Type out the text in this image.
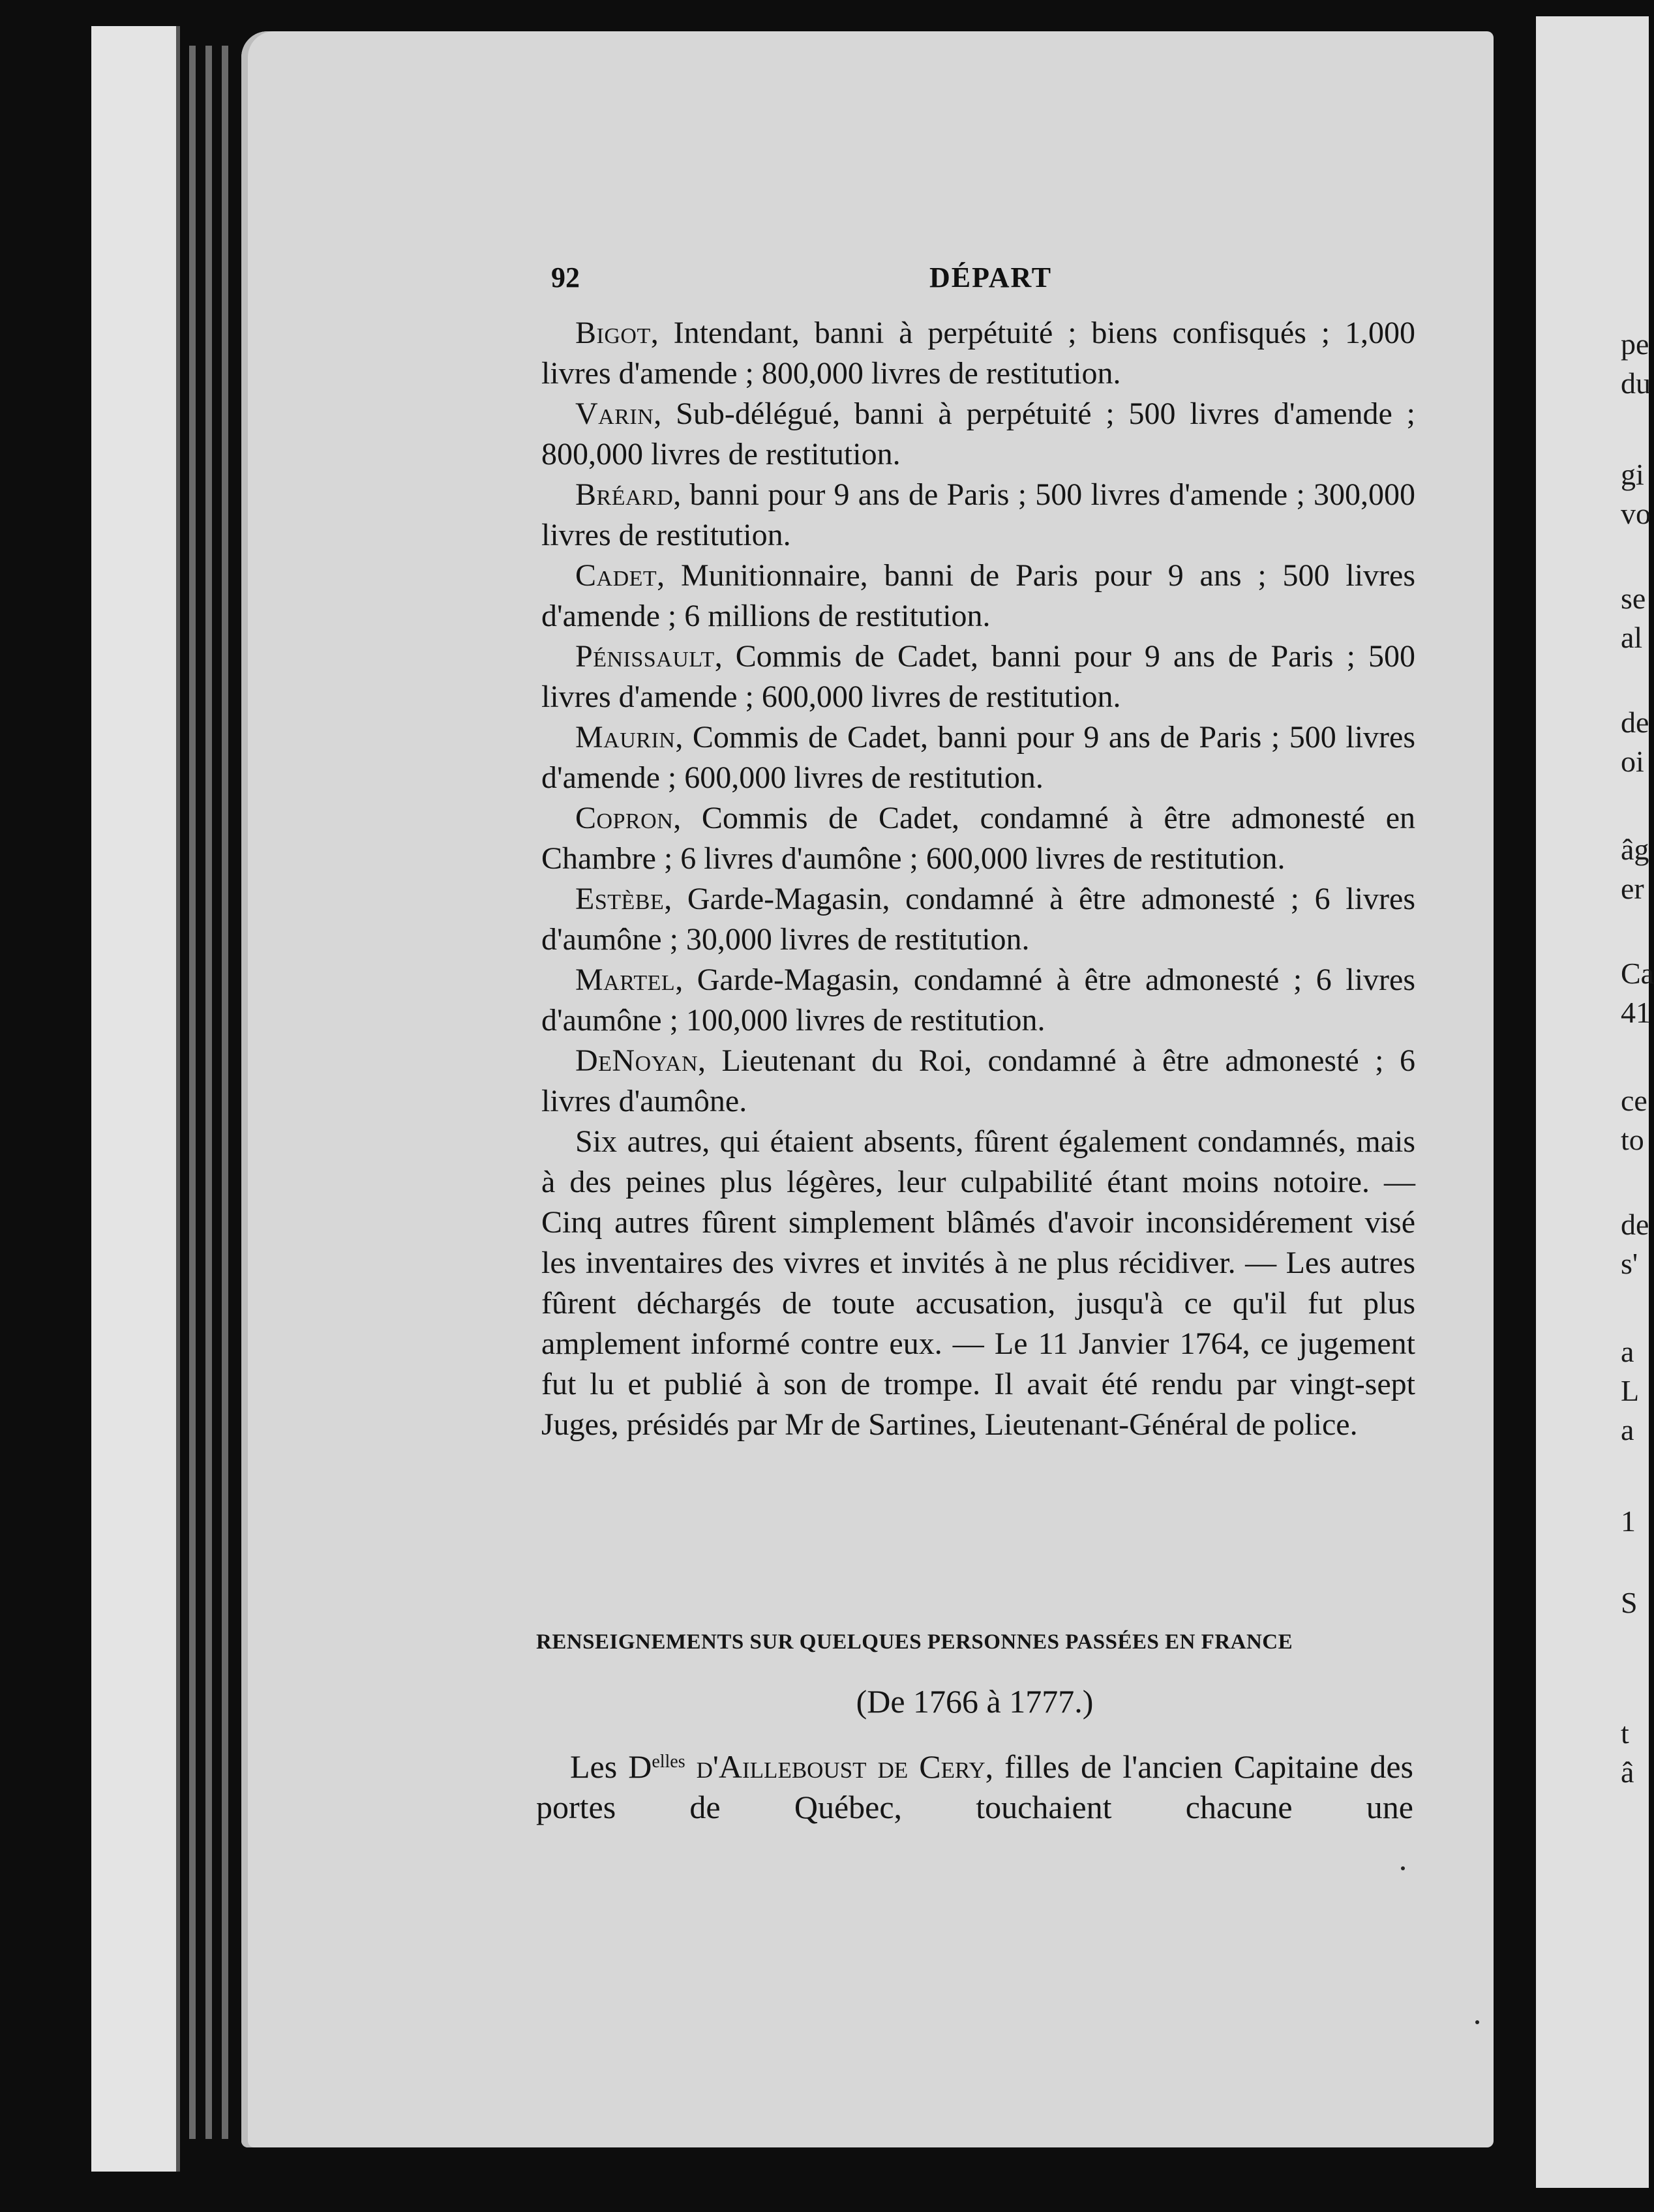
pe
du
gi
vo
se
al
de
oi
âg
er
Ca
41
ce
to
de
s'
a
L
a
1
S
t
â
92	DÉPART

Bigot, Intendant, banni à perpétuité ; biens confisqués ; 1,000 livres d'amende ; 800,000 livres de restitution.

Varin, Sub-délégué, banni à perpétuité ; 500 livres d'amende ; 800,000 livres de restitution.

Bréard, banni pour 9 ans de Paris ; 500 livres d'amende ; 300,000 livres de restitution.

Cadet, Munitionnaire, banni de Paris pour 9 ans ; 500 livres d'amende ; 6 millions de restitution.

Pénissault, Commis de Cadet, banni pour 9 ans de Paris ; 500 livres d'amende ; 600,000 livres de restitution.

Maurin, Commis de Cadet, banni pour 9 ans de Paris ; 500 livres d'amende ; 600,000 livres de restitution.

Copron, Commis de Cadet, condamné à être admonesté en Chambre ; 6 livres d'aumône ; 600,000 livres de restitution.

Estèbe, Garde-Magasin, condamné à être admonesté ; 6 livres d'aumône ; 30,000 livres de restitution.

Martel, Garde-Magasin, condamné à être admonesté ; 6 livres d'aumône ; 100,000 livres de restitution.

DeNoyan, Lieutenant du Roi, condamné à être admonesté ; 6 livres d'aumône.

Six autres, qui étaient absents, fûrent également condamnés, mais à des peines plus légères, leur culpabilité étant moins notoire. — Cinq autres fûrent simplement blâmés d'avoir inconsidérement visé les inventaires des vivres et invités à ne plus récidiver. — Les autres fûrent déchargés de toute accusation, jusqu'à ce qu'il fut plus amplement informé contre eux. — Le 11 Janvier 1764, ce jugement fut lu et publié à son de trompe. Il avait été rendu par vingt-sept Juges, présidés par Mr de Sartines, Lieutenant-Général de police.

RENSEIGNEMENTS SUR QUELQUES PERSONNES PASSÉES EN FRANCE
(De 1766 à 1777.)
Les $D^{elles}$ d'Ailleboust de Cery, filles de l'ancien Capitaine des portes de Québec, touchaient chacune une
